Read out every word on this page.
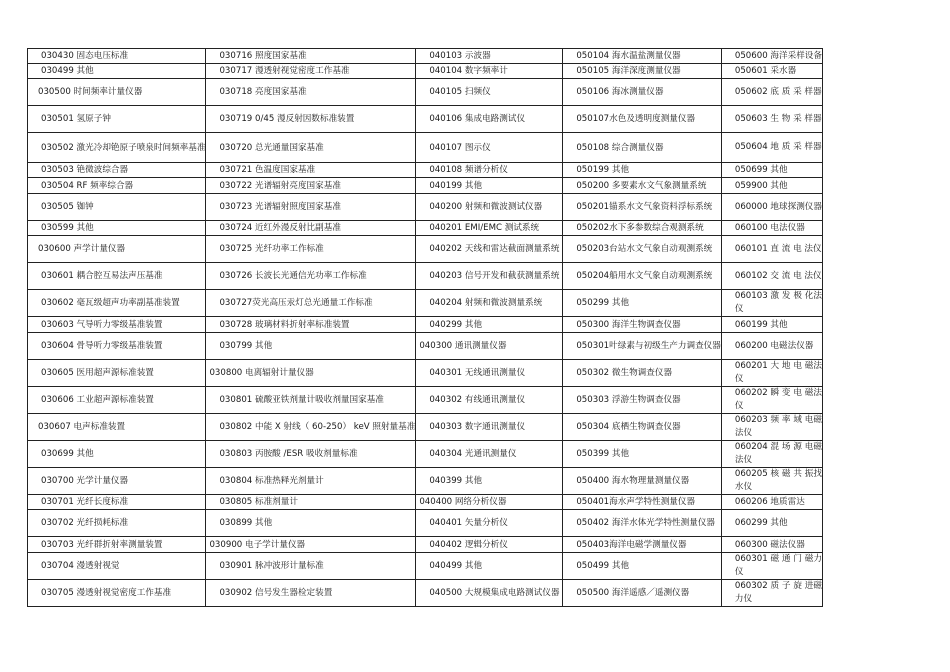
030430 固态电压标准	030716 照度国家基准	040103 示波器	050104 海水温盐测量仪器	050600 海洋采样设备

030499 其他	030717 漫透射视觉密度工作基准	040104 数字频率计	050105 海洋深度测量仪器	050601 采水器

030500 时间频率计量仪器	030718 亮度国家基准	040105 扫频仪	050106 海冰测量仪器	050602 底 质 采 样器

030501 氢原子钟	030719 0/45 漫反射因数标准装置	040106 集成电路测试仪	050107水色及透明度测量仪器	050603 生 物 采 样器

030502 激光冷却铯原子喷泉时间频率基准	030720 总光通量国家基准	040107 图示仪	050108 综合测量仪器	050604 地 质 采 样器

030503 铯微波综合器	030721 色温度国家基准	040108 频谱分析仪	050199 其他	050699 其他

030504 RF 频率综合器	030722 光谱辐射亮度国家基准	040199 其他	050200 多要素水文气象测量系统	059900 其他

030505 铷钟	030723 光谱辐射照度国家基准	040200 射频和微波测试仪器	050201锚系水文气象资料浮标系统	060000 地球探测仪器

030599 其他	030724 近红外漫反射比副基准	040201 EMI/EMC 测试系统	050202水下多参数综合观测系统	060100 电法仪器

030600 声学计量仪器	030725 光纤功率工作标准	040202 天线和雷达截面测量系统	050203台站水文气象自动观测系统	060101 直 流 电 法仪

030601 耦合腔互易法声压基准	030726 长波长光通信光功率工作标准	040203 信号开发和截获测量系统	050204船用水文气象自动观测系统	060102 交 流 电 法仪

030602 毫瓦级超声功率副基准装置	030727荧光高压汞灯总光通量工作标准	040204 射频和微波测量系统	050299 其他	060103 激 发 极 化法仪

030603 气导听力零级基准装置	030728 玻璃材料折射率标准装置	040299 其他	050300 海洋生物调查仪器	060199 其他

030604 骨导听力零级基准装置	030799 其他	040300 通讯测量仪器	050301叶绿素与初级生产力调查仪器	060200 电磁法仪器

030605 医用超声源标准装置	030800 电离辐射计量仪器	040301 无线通讯测量仪	050302 微生物调查仪器	060201 大 地 电 磁法仪

030606 工业超声源标准装置	030801 硫酸亚铁剂量计吸收剂量国家基准	040302 有线通讯测量仪	050303 浮游生物调查仪器	060202 瞬 变 电 磁法仪

030607 电声标准装置	030802 中能 X 射线（ 60-250） keV 照射量基准	040303 数字通讯测量仪	050304 底栖生物调查仪器	060203 频 率 域 电磁法仪

030699 其他	030803 丙胺酸 /ESR 吸收剂量标准	040304 光通讯测量仪	050399 其他	060204 混 场 源 电磁法仪

030700 光学计量仪器	030804 标准热释光剂量计	040399 其他	050400 海水物理量测量仪器	060205 核 磁 共 振找水仪

030701 光纤长度标准	030805 标准剂量计	040400 网络分析仪器	050401海水声学特性测量仪器	060206 地质雷达

030702 光纤损耗标准	030899 其他	040401 矢量分析仪	050402 海洋水体光学特性测量仪器	060299 其他

030703 光纤群折射率测量装置	030900 电子学计量仪器	040402 逻辑分析仪	050403海洋电磁学测量仪器	060300 磁法仪器

030704 漫透射视觉	030901 脉冲波形计量标准	040499 其他	050499 其他	060301 磁 通 门 磁力仪

030705 漫透射视觉密度工作基准	030902 信号发生器检定装置	040500 大规模集成电路测试仪器	050500 海洋遥感／遥测仪器	060302 质 子 旋 进磁力仪
